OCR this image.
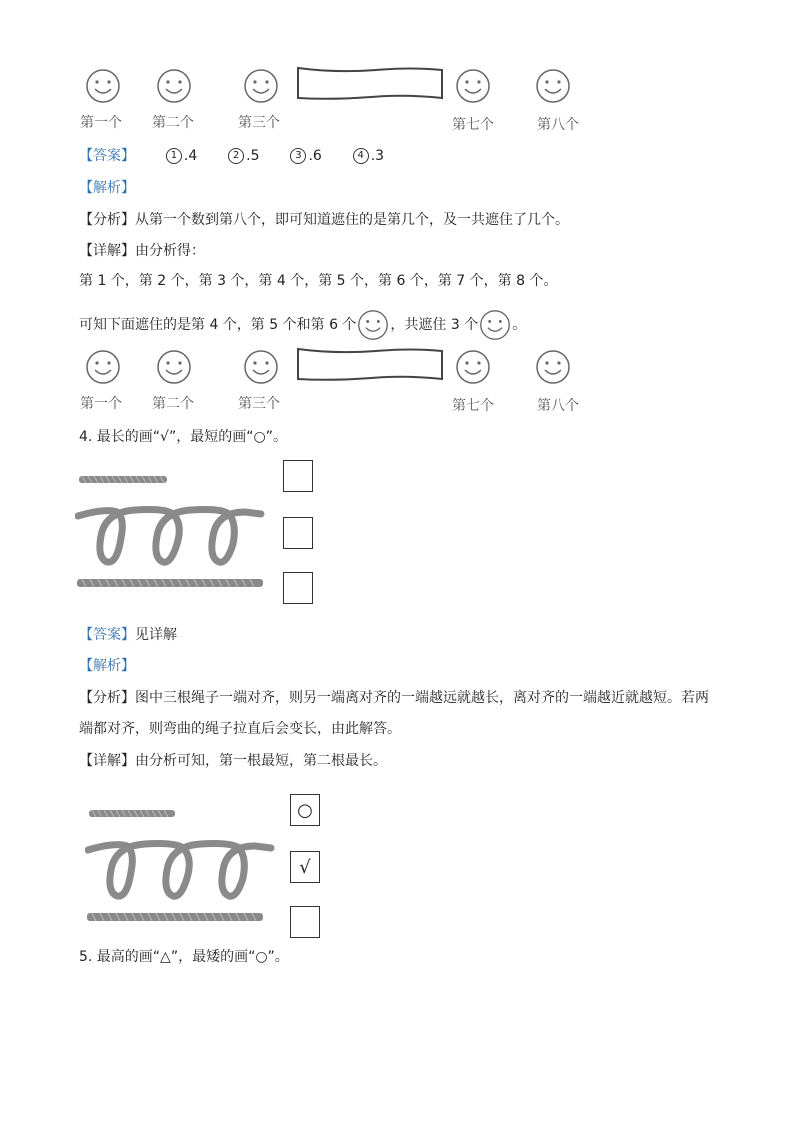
第一个 第二个	第三个	第七个	第八个
【答案】	1 .4	2 .5	3 .6	4 .3
【解析】
【分析】从第一个数到第八个，即可知道遮住的是第几个，及一共遮住了几个。
【详解】由分析得：
第 1 个，第 2 个，第 3 个，第 4 个，第 5 个，第 6 个，第 7 个，第 8 个。
可知下面遮住的是第 4 个，第 5 个和第 6 个 ，共遮住 3 个 。
第一个 第二个	第三个	第七个	第八个
4. 最长的画“√”，最短的画“○”。
【答案】见详解
【解析】
【分析】图中三根绳子一端对齐，则另一端离对齐的一端越远就越长，离对齐的一端越近就越短。若两
端都对齐，则弯曲的绳子拉直后会变长，由此解答。
【详解】由分析可知，第一根最短，第二根最长。
○
√
5. 最高的画“△”，最矮的画“○”。
